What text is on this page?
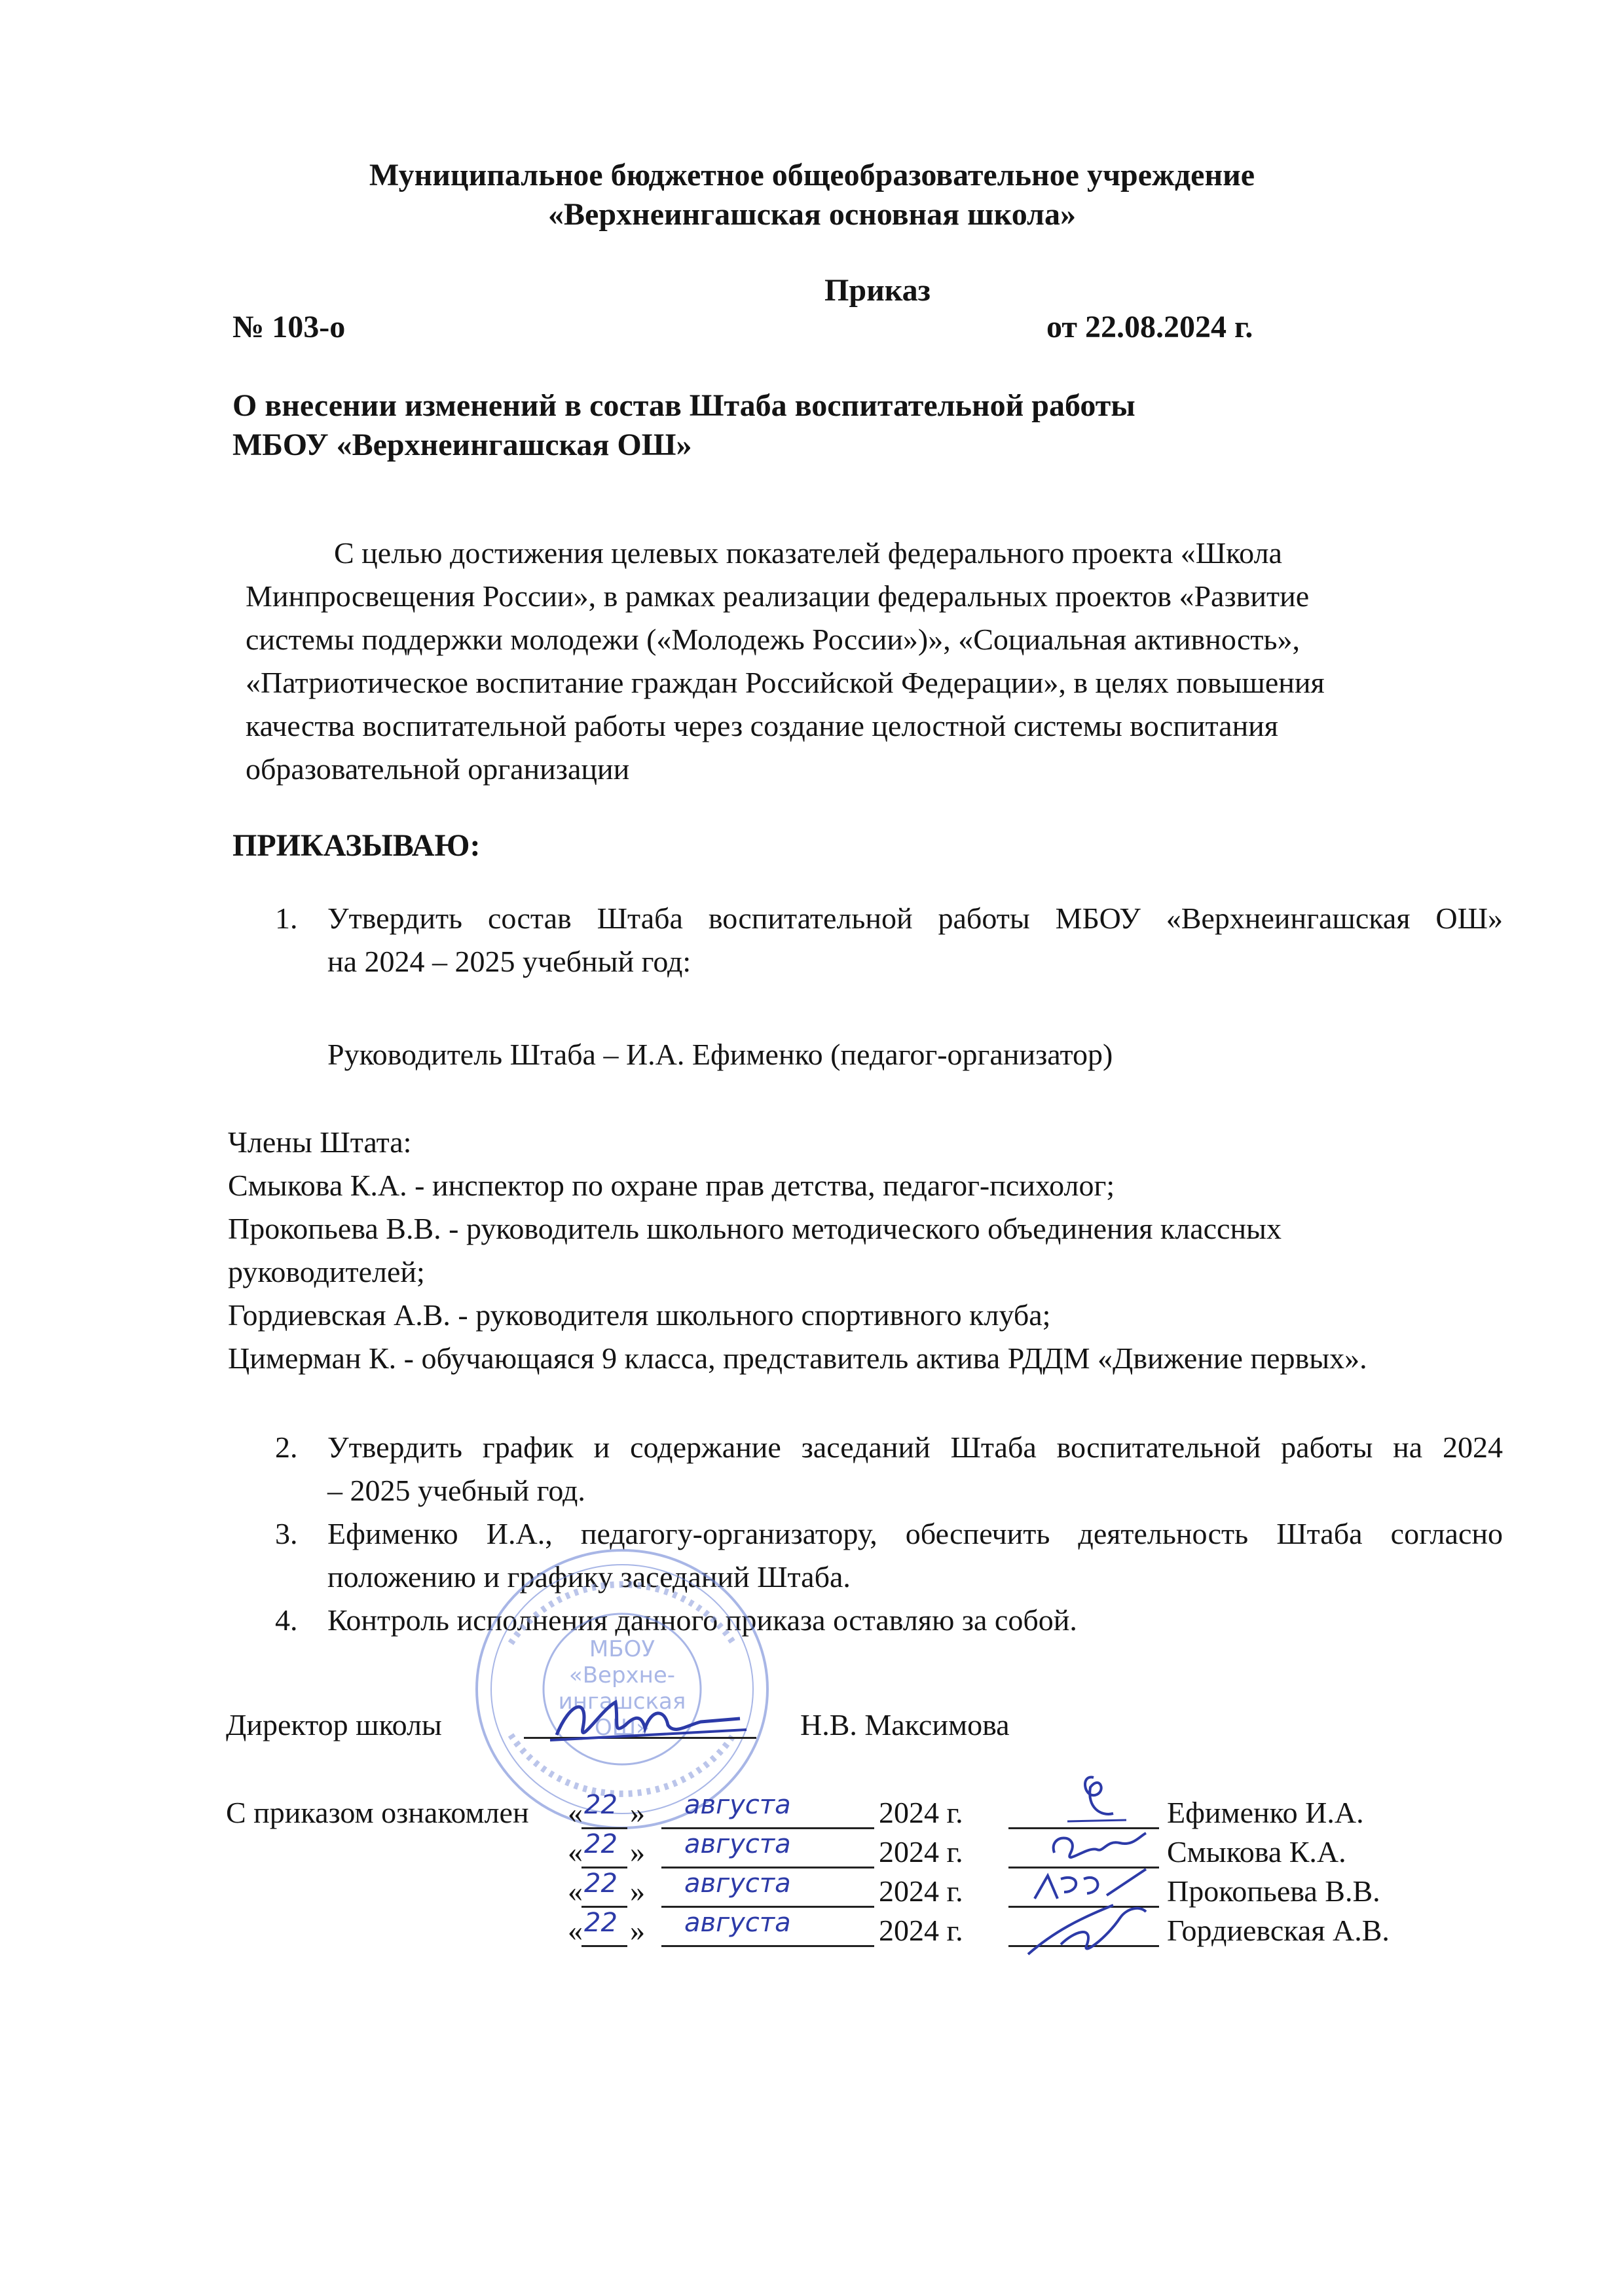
Муниципальное бюджетное общеобразовательное учреждение
«Верхнеингашская основная школа»
Приказ
№ 103-о	от 22.08.2024 г.
О внесении изменений в состав Штаба воспитательной работы
МБОУ «Верхнеингашская ОШ»
С целью достижения целевых показателей федерального проекта «Школа
Минпросвещения России», в рамках реализации федеральных проектов «Развитие
системы поддержки молодежи («Молодежь России»)», «Социальная активность»,
«Патриотическое воспитание граждан Российской Федерации», в целях повышения
качества воспитательной работы через создание целостной системы воспитания
образовательной организации
ПРИКАЗЫВАЮ:
1. Утвердить состав Штаба воспитательной работы МБОУ «Верхнеингашская ОШ»
на 2024 – 2025 учебный год:
Руководитель Штаба – И.А. Ефименко (педагог-организатор)
Члены Штата:
Смыкова К.А. - инспектор по охране прав детства, педагог-психолог;
Прокопьева В.В. - руководитель школьного методического объединения классных
руководителей;
Гордиевская А.В. - руководителя школьного спортивного клуба;
Цимерман К. - обучающаяся 9 класса, представитель актива РДДМ «Движение первых».
2. Утвердить график и содержание заседаний Штаба воспитательной работы на 2024
– 2025 учебный год.
3. Ефименко И.А., педагогу-организатору, обеспечить деятельность Штаба согласно
положению и графику заседаний Штаба.
4. Контроль исполнения данного приказа оставляю за собой.
МБОУ
«Верхне-
ингашская
ОШ»
Директор школы	Н.В. Максимова
С приказом ознакомлен « 22 » августа	2024 г.	Ефименко И.А.
« 22 » августа	2024 г.	Смыкова К.А.
« 22 » августа	2024 г.	Прокопьева В.В.
« 22 » августа	2024 г.	Гордиевская А.В.
